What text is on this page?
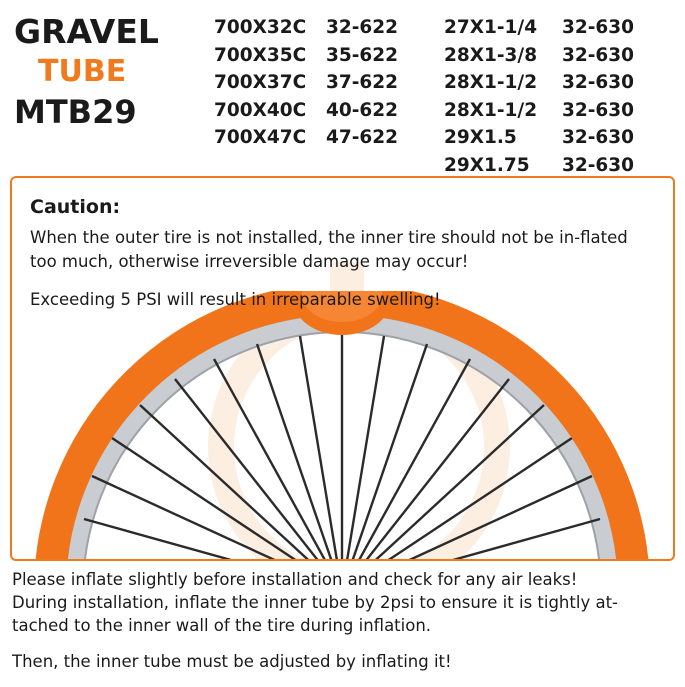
GRAVEL
TUBE
MTB29
700X32C	32-622
700X35C	35-622
700X37C	37-622
700X40C	40-622
700X47C	47-622
27X1-1/4	32-630
28X1-3/8	32-630
28X1-1/2	32-630
28X1-1/2	32-630
29X1.5	32-630
29X1.75	32-630
Caution:
When the outer tire is not installed, the inner tire should not be in-flated too much, otherwise irreversible damage may occur!
Exceeding 5 PSI will result in irreparable swelling!

Please inflate slightly before installation and check for any air leaks!

During installation, inflate the inner tube by 2psi to ensure it is tightly at-tached to the inner wall of the tire during inflation.

Then, the inner tube must be adjusted by inflating it!
